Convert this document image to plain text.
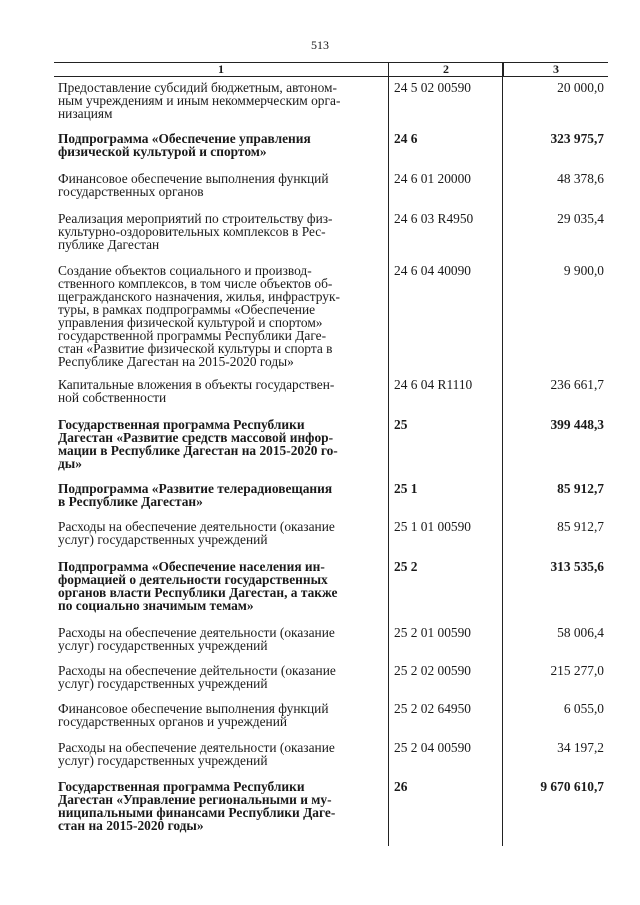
513
1	2	3
Предоставление субсидий бюджетным, автоном-
ным учреждениям и иным некоммерческим орга-
низациям
24 5 02 00590	20 000,0
Подпрограмма «Обеспечение управления
физической культурой и спортом»
24 6	323 975,7
Финансовое обеспечение выполнения функций
государственных органов
24 6 01 20000	48 378,6
Реализация мероприятий по строительству физ-
культурно-оздоровительных комплексов в Рес-
публике Дагестан
24 6 03 R4950	29 035,4
Создание объектов социального и производ-
ственного комплексов, в том числе объектов об-
щегражданского назначения, жилья, инфраструк-
туры, в рамках подпрограммы «Обеспечение
управления физической культурой и спортом»
государственной программы Республики Даге-
стан «Развитие физической культуры и спорта в
Республике Дагестан на 2015-2020 годы»
24 6 04 40090	9 900,0
Капитальные вложения в объекты государствен-
ной собственности
24 6 04 R1110	236 661,7
Государственная программа Республики
Дагестан «Развитие средств массовой инфор-
мации в Республике Дагестан на 2015-2020 го-
ды»
25	399 448,3
Подпрограмма «Развитие телерадиовещания
в Республике Дагестан»
25 1	85 912,7
Расходы на обеспечение деятельности (оказание
услуг) государственных учреждений
25 1 01 00590	85 912,7
Подпрограмма «Обеспечение населения ин-
формацией о деятельности государственных
органов власти Республики Дагестан, а также
по социально значимым темам»
25 2	313 535,6
Расходы на обеспечение деятельности (оказание
услуг) государственных учреждений
25 2 01 00590	58 006,4
Расходы на обеспечение дейтельности (оказание
услуг) государственных учреждений
25 2 02 00590	215 277,0
Финансовое обеспечение выполнения функций
государственных органов и учреждений
25 2 02 64950	6 055,0
Расходы на обеспечение деятельности (оказание
услуг) государственных учреждений
25 2 04 00590	34 197,2
Государственная программа Республики
Дагестан «Управление региональными и му-
ниципальными финансами Республики Даге-
стан на 2015-2020 годы»
26	9 670 610,7
